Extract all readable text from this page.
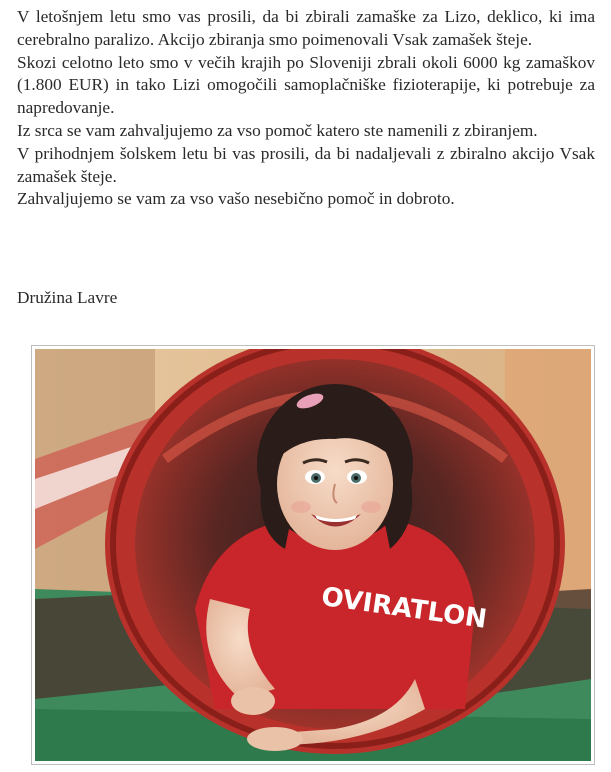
V letošnjem letu smo vas prosili, da bi zbirali zamaške za Lizo, deklico, ki ima cerebralno paralizo. Akcijo zbiranja smo poimenovali Vsak zamašek šteje.

Skozi celotno leto smo v večih krajih po Sloveniji zbrali okoli 6000 kg zamaškov (1.800 EUR) in tako Lizi omogočili samoplačniške fizioterapije, ki potrebuje za napredovanje.

Iz srca se vam zahvaljujemo za vso pomoč katero ste namenili z zbiranjem.

V prihodnjem šolskem letu bi vas prosili, da bi nadaljevali z zbiralno akcijo Vsak zamašek šteje.

Zahvaljujemo se vam za vso vašo nesebično pomoč in dobroto.

Družina Lavre
OVIRATLON
